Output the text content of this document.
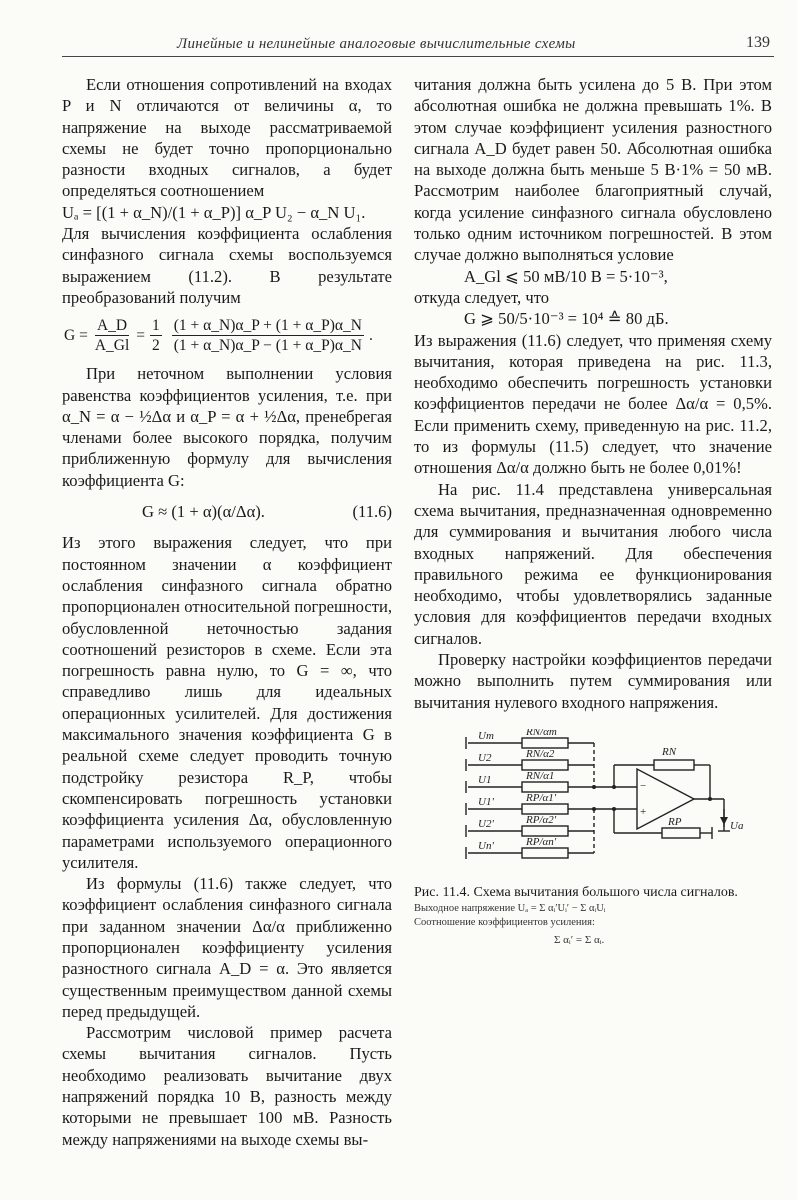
Линейные и нелинейные аналоговые вычислительные схемы	139

Если отношения сопротивлений на входах P и N отличаются от величины α, то напряжение на выходе рассматриваемой схемы не будет точно пропорционально разности входных сигналов, а будет определяться соотношением

Uₐ = [(1 + α_N)/(1 + α_P)] α_P U₂ − α_N U₁.

Для вычисления коэффициента ослабления синфазного сигнала схемы воспользуемся выражением (11.2). В результате преобразований получим

$G = \frac{A\_D}{A\_Gl} = \frac{1}{2} \frac{(1 + \alpha\_N)\alpha\_P + (1 + \alpha\_P)\alpha\_N}{(1 + \alpha\_N)\alpha\_P - (1 + \alpha\_P)\alpha\_N}$ .

При неточном выполнении условия равенства коэффициентов усиления, т.е. при α_N = α − ½Δα и α_P = α + ½Δα, пренебрегая членами более высокого порядка, получим приближенную формулу для вычисления коэффициента G:

G ≈ (1 + α)(α/Δα).	(11.6)

Из этого выражения следует, что при постоянном значении α коэффициент ослабления синфазного сигнала обратно пропорционален относительной погрешности, обусловленной неточностью задания соотношений резисторов в схеме. Если эта погрешность равна нулю, то G = ∞, что справедливо лишь для идеальных операционных усилителей. Для достижения максимального значения коэффициента G в реальной схеме следует проводить точную подстройку резистора R_P, чтобы скомпенсировать погрешность установки коэффициента усиления Δα, обусловленную параметрами используемого операционного усилителя.

Из формулы (11.6) также следует, что коэффициент ослабления синфазного сигнала при заданном значении Δα/α приближенно пропорционален коэффициенту усиления разностного сигнала A_D = α. Это является существенным преимуществом данной схемы перед предыдущей.

Рассмотрим числовой пример расчета схемы вычитания сигналов. Пусть необходимо реализовать вычитание двух напряжений порядка 10 В, разность между которыми не превышает 100 мВ. Разность между напряжениями на выходе схемы вы-

читания должна быть усилена до 5 В. При этом абсолютная ошибка не должна превышать 1%. В этом случае коэффициент усиления разностного сигнала A_D будет равен 50. Абсолютная ошибка на выходе должна быть меньше 5 В·1% = 50 мВ. Рассмотрим наиболее благоприятный случай, когда усиление синфазного сигнала обусловлено только одним источником погрешностей. В этом случае должно выполняться условие

A_Gl ⩽ 50 мВ/10 В = 5·10⁻³,

откуда следует, что

G ⩾ 50/5·10⁻³ = 10⁴ ≙ 80 дБ.

Из выражения (11.6) следует, что применяя схему вычитания, которая приведена на рис. 11.3, необходимо обеспечить погрешность установки коэффициентов передачи не более Δα/α = 0,5%. Если применить схему, приведенную на рис. 11.2, то из формулы (11.5) следует, что значение отношения Δα/α должно быть не более 0,01%!

На рис. 11.4 представлена универсальная схема вычитания, предназначенная одновременно для суммирования и вычитания любого числа входных напряжений. Для обеспечения правильного режима ее функционирования необходимо, чтобы удовлетворялись заданные условия для коэффициентов передачи входных сигналов.

Проверку настройки коэффициентов передачи можно выполнить путем суммирования или вычитания нулевого входного напряжения.

Um
U2
U1
U1'
U2'
Un'
RN/αm
RN/α2
RN/α1
RP/α1'
RP/α2'
RP/αn'
RN
RP	Ua
−
+

Рис. 11.4. Схема вычитания большого числа сигналов.

Выходное напряжение Uₐ = Σ αᵢ′Uᵢ′ − Σ αᵢUᵢ

Соотношение коэффициентов усиления:

Σ αᵢ′ = Σ αᵢ.
